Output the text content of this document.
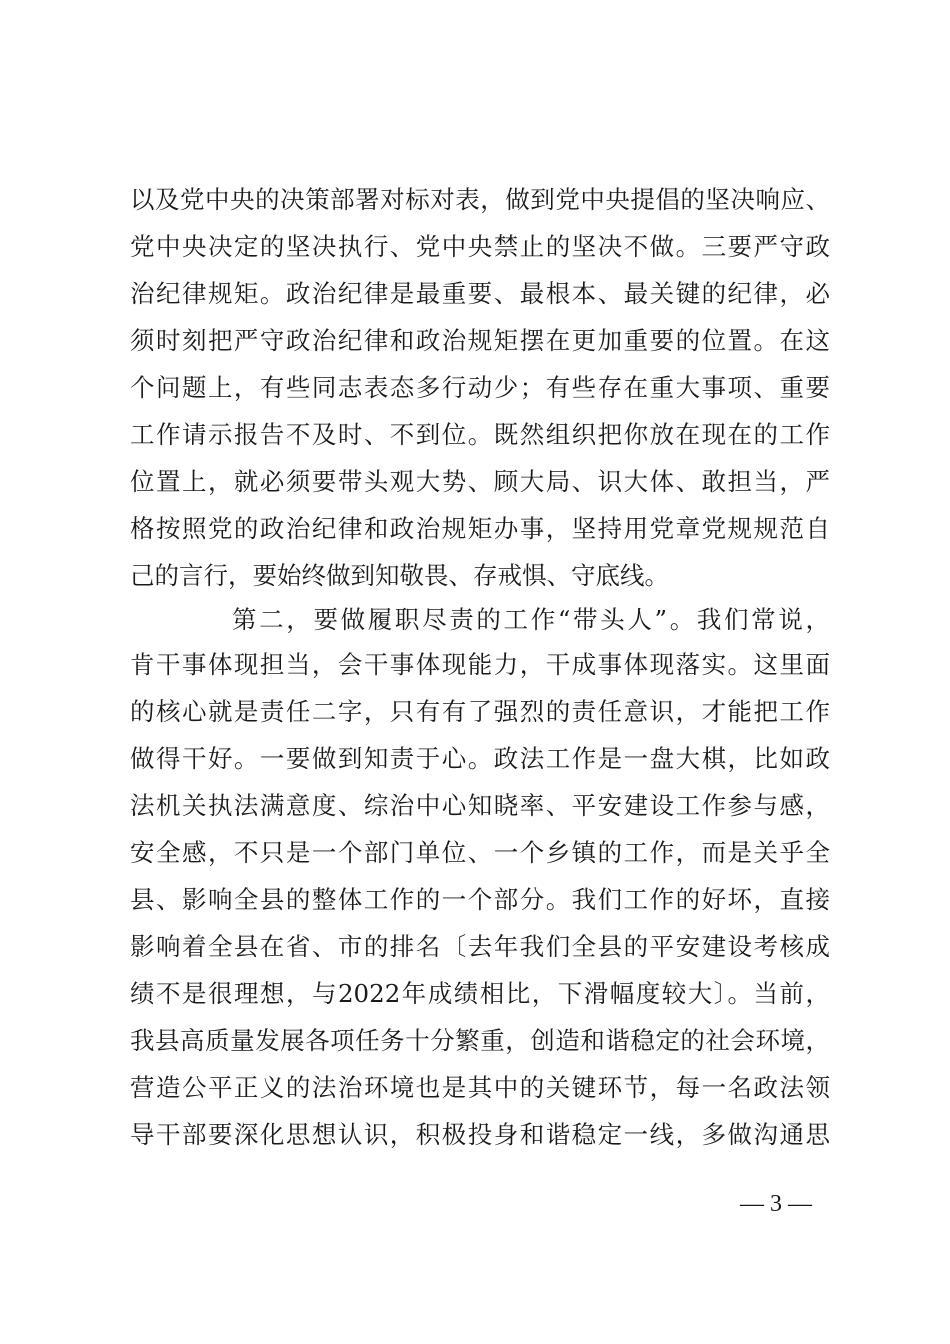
以及党中央的决策部署对标对表，做到党中央提倡的坚决响应、
党中央决定的坚决执行、党中央禁止的坚决不做。三要严守政
治纪律规矩。政治纪律是最重要、最根本、最关键的纪律，必
须时刻把严守政治纪律和政治规矩摆在更加重要的位置。在这
个问题上，有些同志表态多行动少；有些存在重大事项、重要
工作请示报告不及时、不到位。既然组织把你放在现在的工作
位置上，就必须要带头观大势、顾大局、识大体、敢担当，严
格按照党的政治纪律和政治规矩办事，坚持用党章党规规范自
己的言行，要始终做到知敬畏、存戒惧、守底线。
第二，要做履职尽责的工作“带头人”。我们常说，
肯干事体现担当，会干事体现能力，干成事体现落实。这里面
的核心就是责任二字，只有有了强烈的责任意识，才能把工作
做得干好。一要做到知责于心。政法工作是一盘大棋，比如政
法机关执法满意度、综治中心知晓率、平安建设工作参与感，
安全感，不只是一个部门单位、一个乡镇的工作，而是关乎全
县、影响全县的整体工作的一个部分。我们工作的好坏，直接
影响着全县在省、市的排名〔去年我们全县的平安建设考核成
绩不是很理想，与2022年成绩相比，下滑幅度较大〕。当前，
我县高质量发展各项任务十分繁重，创造和谐稳定的社会环境，
营造公平正义的法治环境也是其中的关键环节，每一名政法领
导干部要深化思想认识，积极投身和谐稳定一线，多做沟通思
— 3 —
